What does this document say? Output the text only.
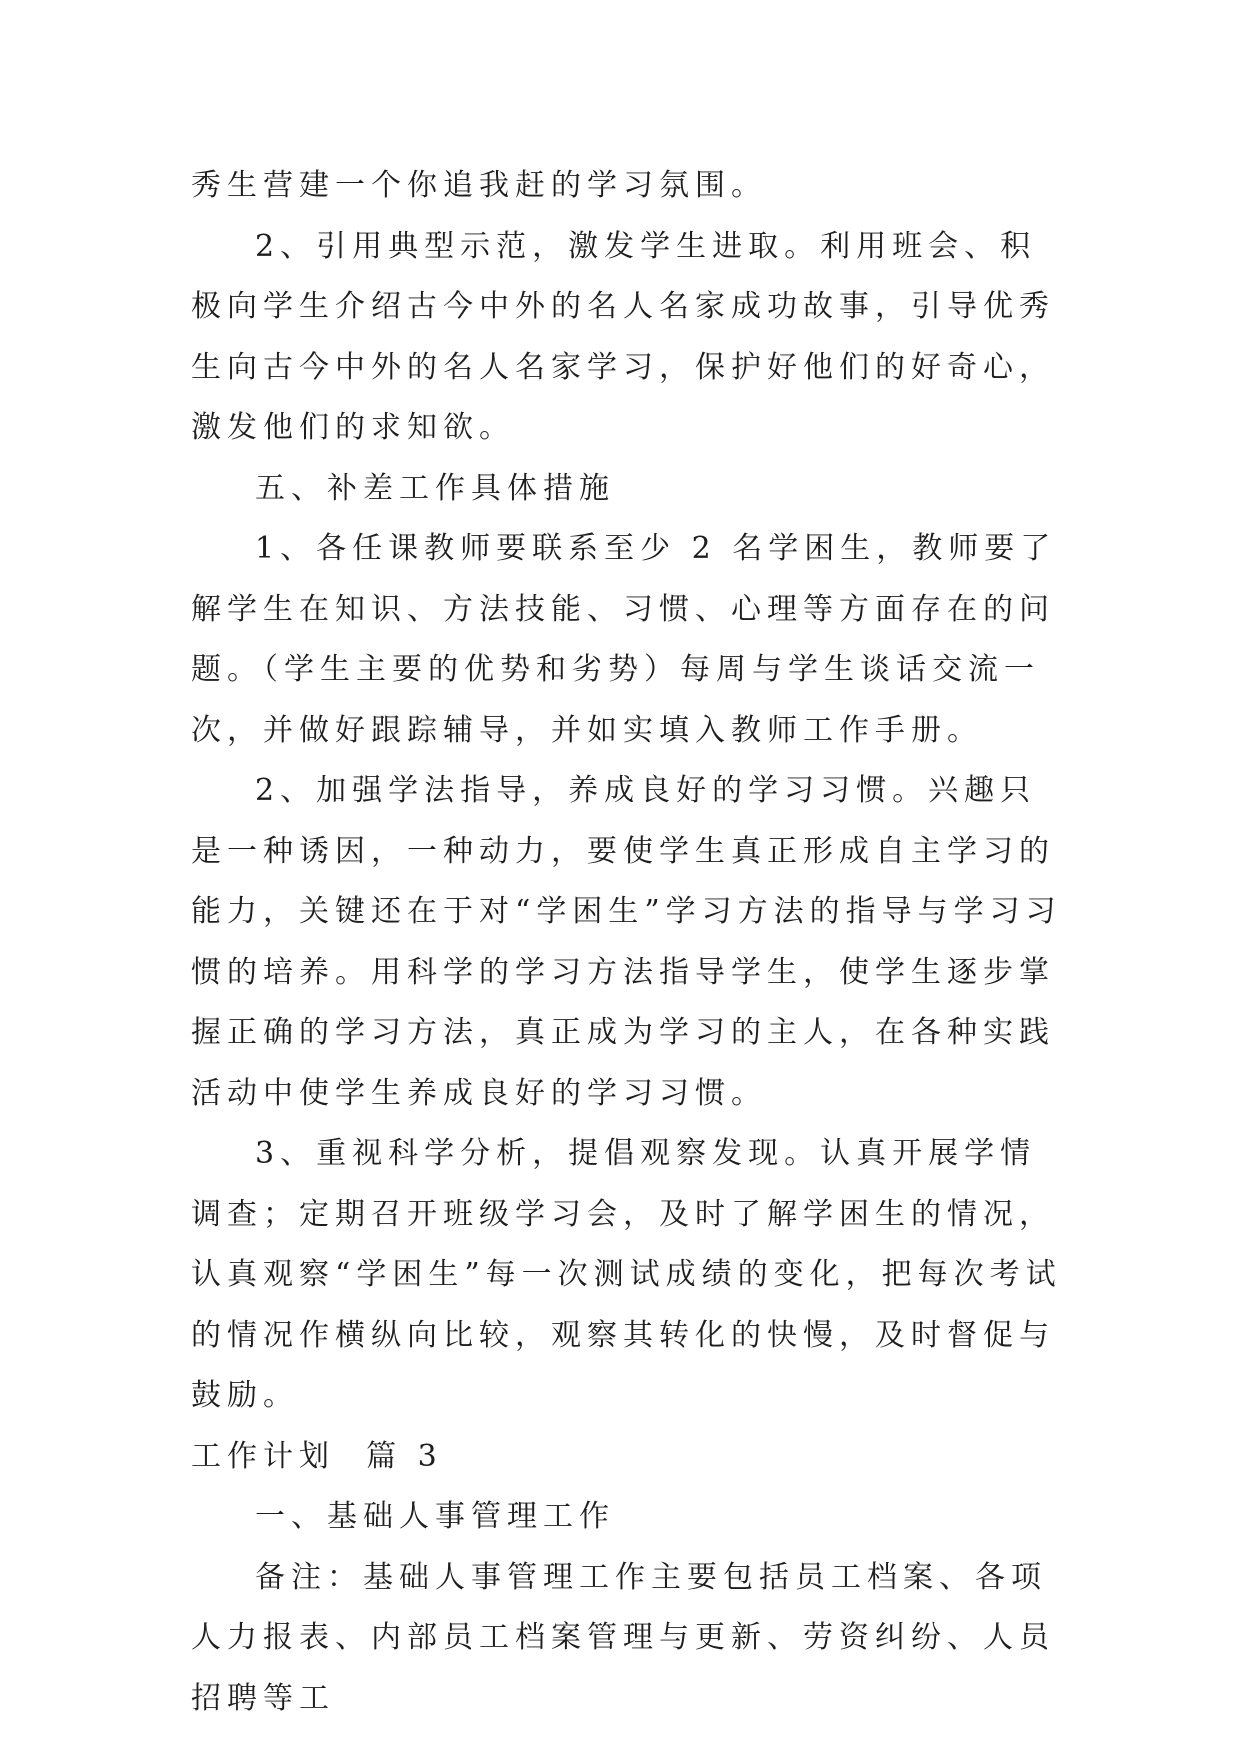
秀生营建一个你追我赶的学习氛围。

2、引用典型示范，激发学生进取。利用班会、积极向学生介绍古今中外的名人名家成功故事，引导优秀生向古今中外的名人名家学习，保护好他们的好奇心，激发他们的求知欲。

五、补差工作具体措施

1、各任课教师要联系至少 2 名学困生，教师要了解学生在知识、方法技能、习惯、心理等方面存在的问题。（学生主要的优势和劣势）每周与学生谈话交流一次，并做好跟踪辅导，并如实填入教师工作手册。

2、加强学法指导，养成良好的学习习惯。兴趣只是一种诱因，一种动力，要使学生真正形成自主学习的能力，关键还在于对“学困生”学习方法的指导与学习习惯的培养。用科学的学习方法指导学生，使学生逐步掌握正确的学习方法，真正成为学习的主人，在各种实践活动中使学生养成良好的学习习惯。

3、重视科学分析，提倡观察发现。认真开展学情调查；定期召开班级学习会，及时了解学困生的情况，认真观察“学困生”每一次测试成绩的变化，把每次考试的情况作横纵向比较，观察其转化的快慢，及时督促与鼓励。

工作计划  篇 3

一、基础人事管理工作

备注：基础人事管理工作主要包括员工档案、各项人力报表、内部员工档案管理与更新、劳资纠纷、人员招聘等工
